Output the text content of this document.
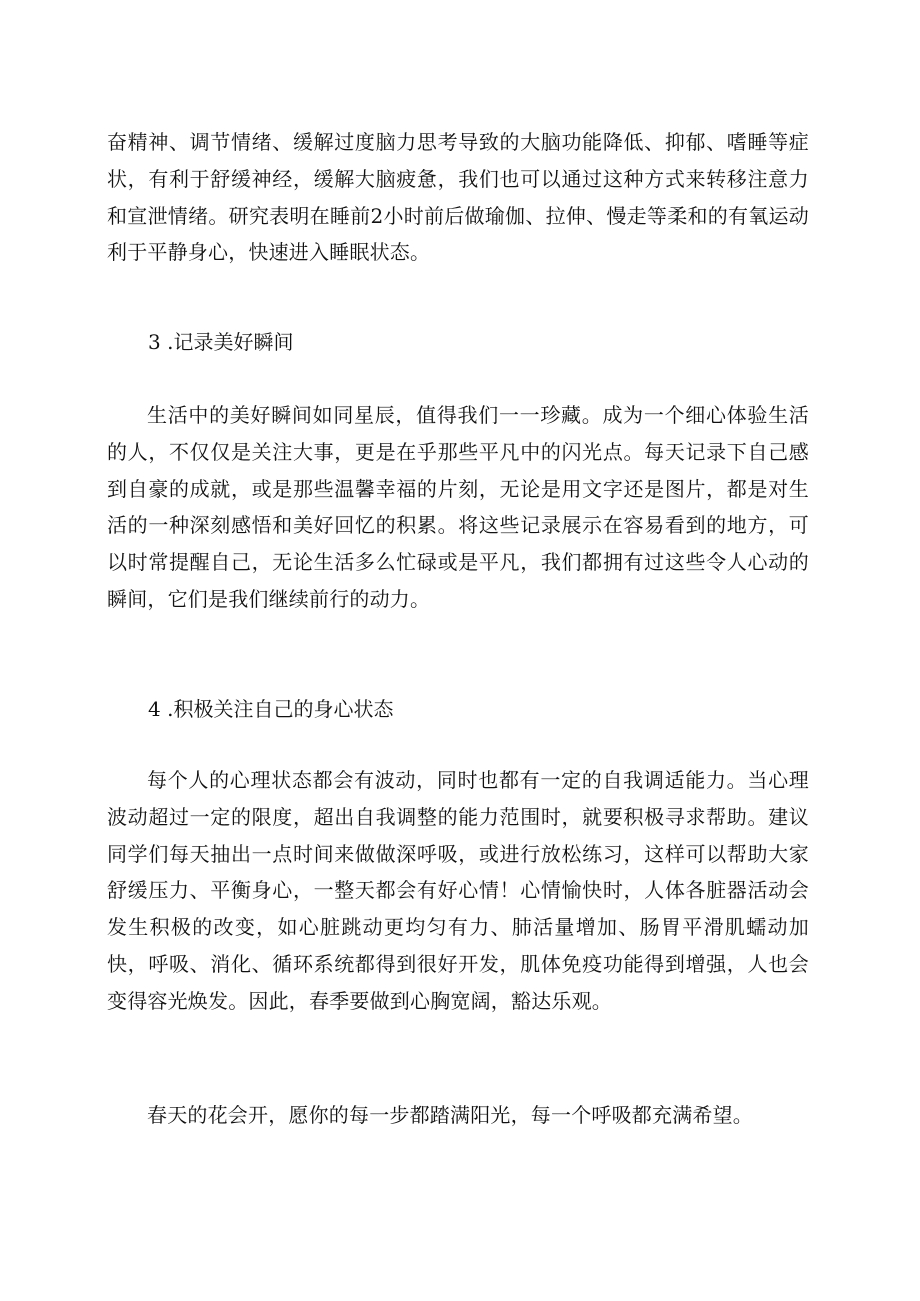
奋精神、调节情绪、缓解过度脑力思考导致的大脑功能降低、抑郁、嗜睡等症状，有利于舒缓神经，缓解大脑疲惫，我们也可以通过这种方式来转移注意力和宣泄情绪。研究表明在睡前2小时前后做瑜伽、拉伸、慢走等柔和的有氧运动利于平静身心，快速进入睡眠状态。

3 .记录美好瞬间

生活中的美好瞬间如同星辰，值得我们一一珍藏。成为一个细心体验生活的人，不仅仅是关注大事，更是在乎那些平凡中的闪光点。每天记录下自己感到自豪的成就，或是那些温馨幸福的片刻，无论是用文字还是图片，都是对生活的一种深刻感悟和美好回忆的积累。将这些记录展示在容易看到的地方，可以时常提醒自己，无论生活多么忙碌或是平凡，我们都拥有过这些令人心动的瞬间，它们是我们继续前行的动力。

4 .积极关注自己的身心状态

每个人的心理状态都会有波动，同时也都有一定的自我调适能力。当心理波动超过一定的限度，超出自我调整的能力范围时，就要积极寻求帮助。建议同学们每天抽出一点时间来做做深呼吸，或进行放松练习，这样可以帮助大家舒缓压力、平衡身心，一整天都会有好心情！心情愉快时，人体各脏器活动会发生积极的改变，如心脏跳动更均匀有力、肺活量增加、肠胃平滑肌蠕动加快，呼吸、消化、循环系统都得到很好开发，肌体免疫功能得到增强，人也会变得容光焕发。因此，春季要做到心胸宽阔，豁达乐观。

春天的花会开，愿你的每一步都踏满阳光，每一个呼吸都充满希望。
